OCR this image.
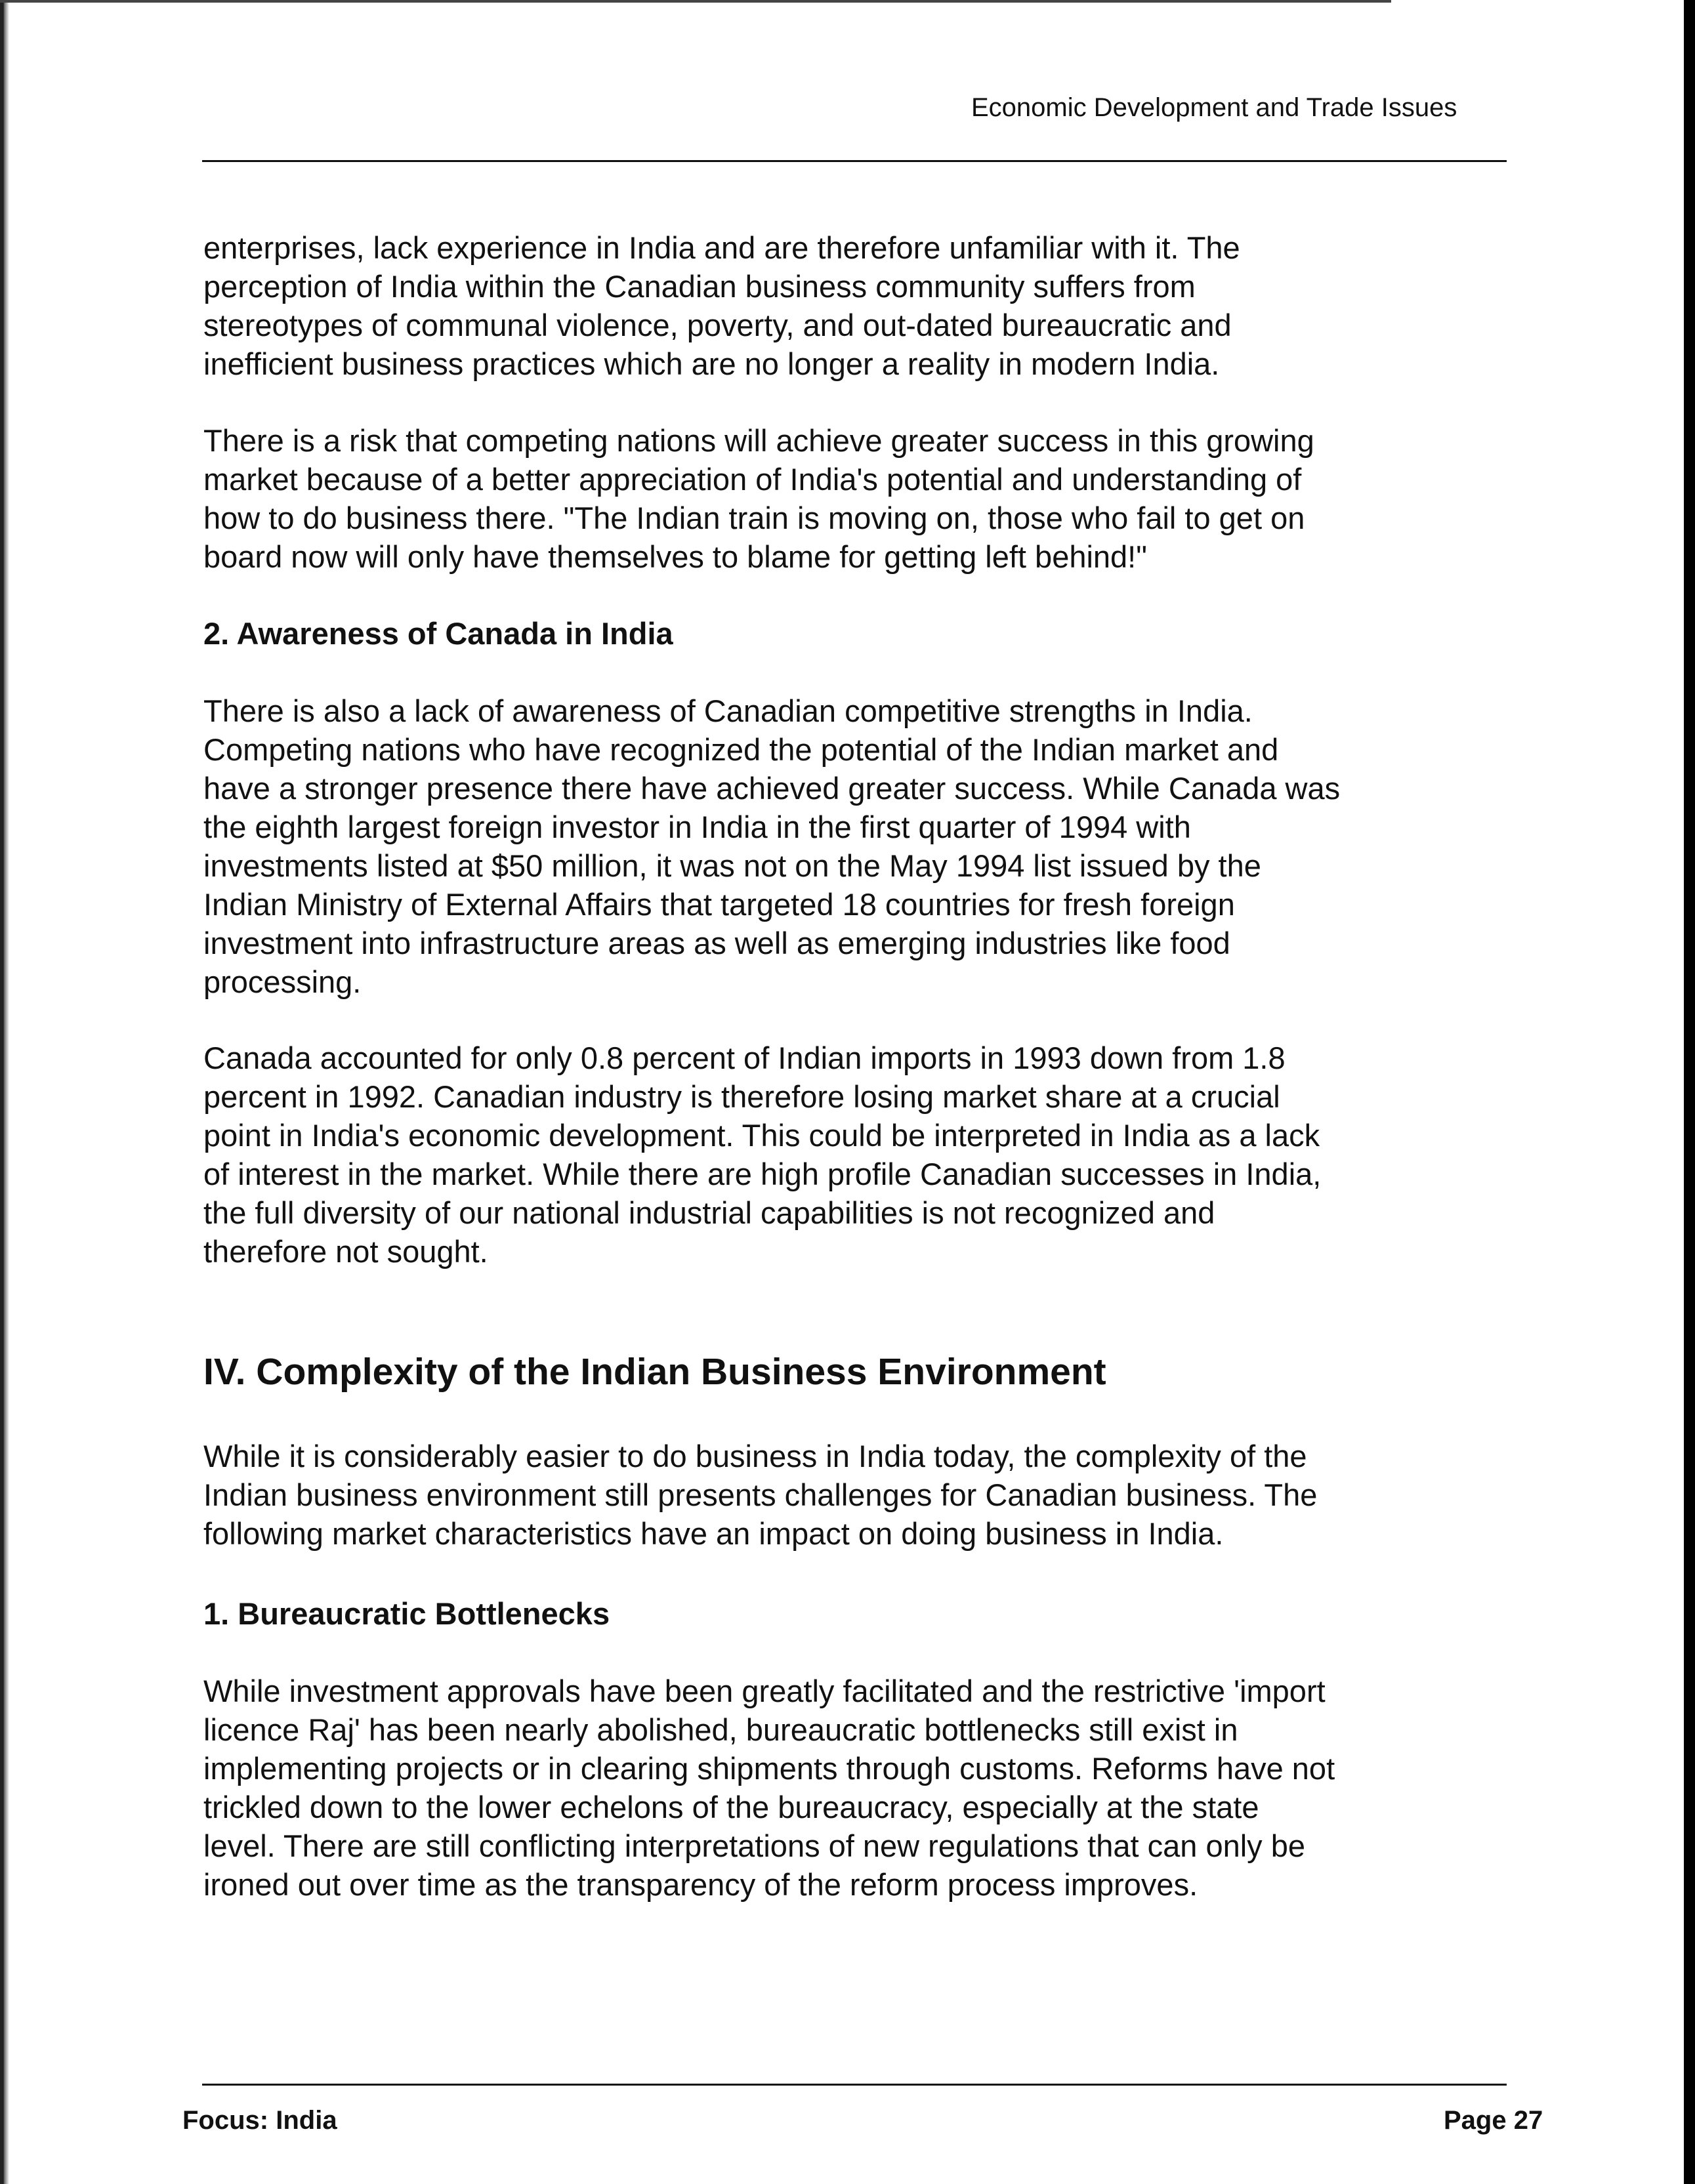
Economic Development and Trade Issues

enterprises, lack experience in India and are therefore unfamiliar with it. The
perception of India within the Canadian business community suffers from
stereotypes of communal violence, poverty, and out-dated bureaucratic and
inefficient business practices which are no longer a reality in modern India.

There is a risk that competing nations will achieve greater success in this growing
market because of a better appreciation of India's potential and understanding of
how to do business there. "The Indian train is moving on, those who fail to get on
board now will only have themselves to blame for getting left behind!"

2. Awareness of Canada in India

There is also a lack of awareness of Canadian competitive strengths in India.
Competing nations who have recognized the potential of the Indian market and
have a stronger presence there have achieved greater success. While Canada was
the eighth largest foreign investor in India in the first quarter of 1994 with
investments listed at $50 million, it was not on the May 1994 list issued by the
Indian Ministry of External Affairs that targeted 18 countries for fresh foreign
investment into infrastructure areas as well as emerging industries like food
processing.

Canada accounted for only 0.8 percent of Indian imports in 1993 down from 1.8
percent in 1992. Canadian industry is therefore losing market share at a crucial
point in India's economic development. This could be interpreted in India as a lack
of interest in the market. While there are high profile Canadian successes in India,
the full diversity of our national industrial capabilities is not recognized and
therefore not sought.

IV. Complexity of the Indian Business Environment

While it is considerably easier to do business in India today, the complexity of the
Indian business environment still presents challenges for Canadian business. The
following market characteristics have an impact on doing business in India.

1. Bureaucratic Bottlenecks

While investment approvals have been greatly facilitated and the restrictive 'import
licence Raj' has been nearly abolished, bureaucratic bottlenecks still exist in
implementing projects or in clearing shipments through customs. Reforms have not
trickled down to the lower echelons of the bureaucracy, especially at the state
level. There are still conflicting interpretations of new regulations that can only be
ironed out over time as the transparency of the reform process improves.

Focus: India	Page 27
